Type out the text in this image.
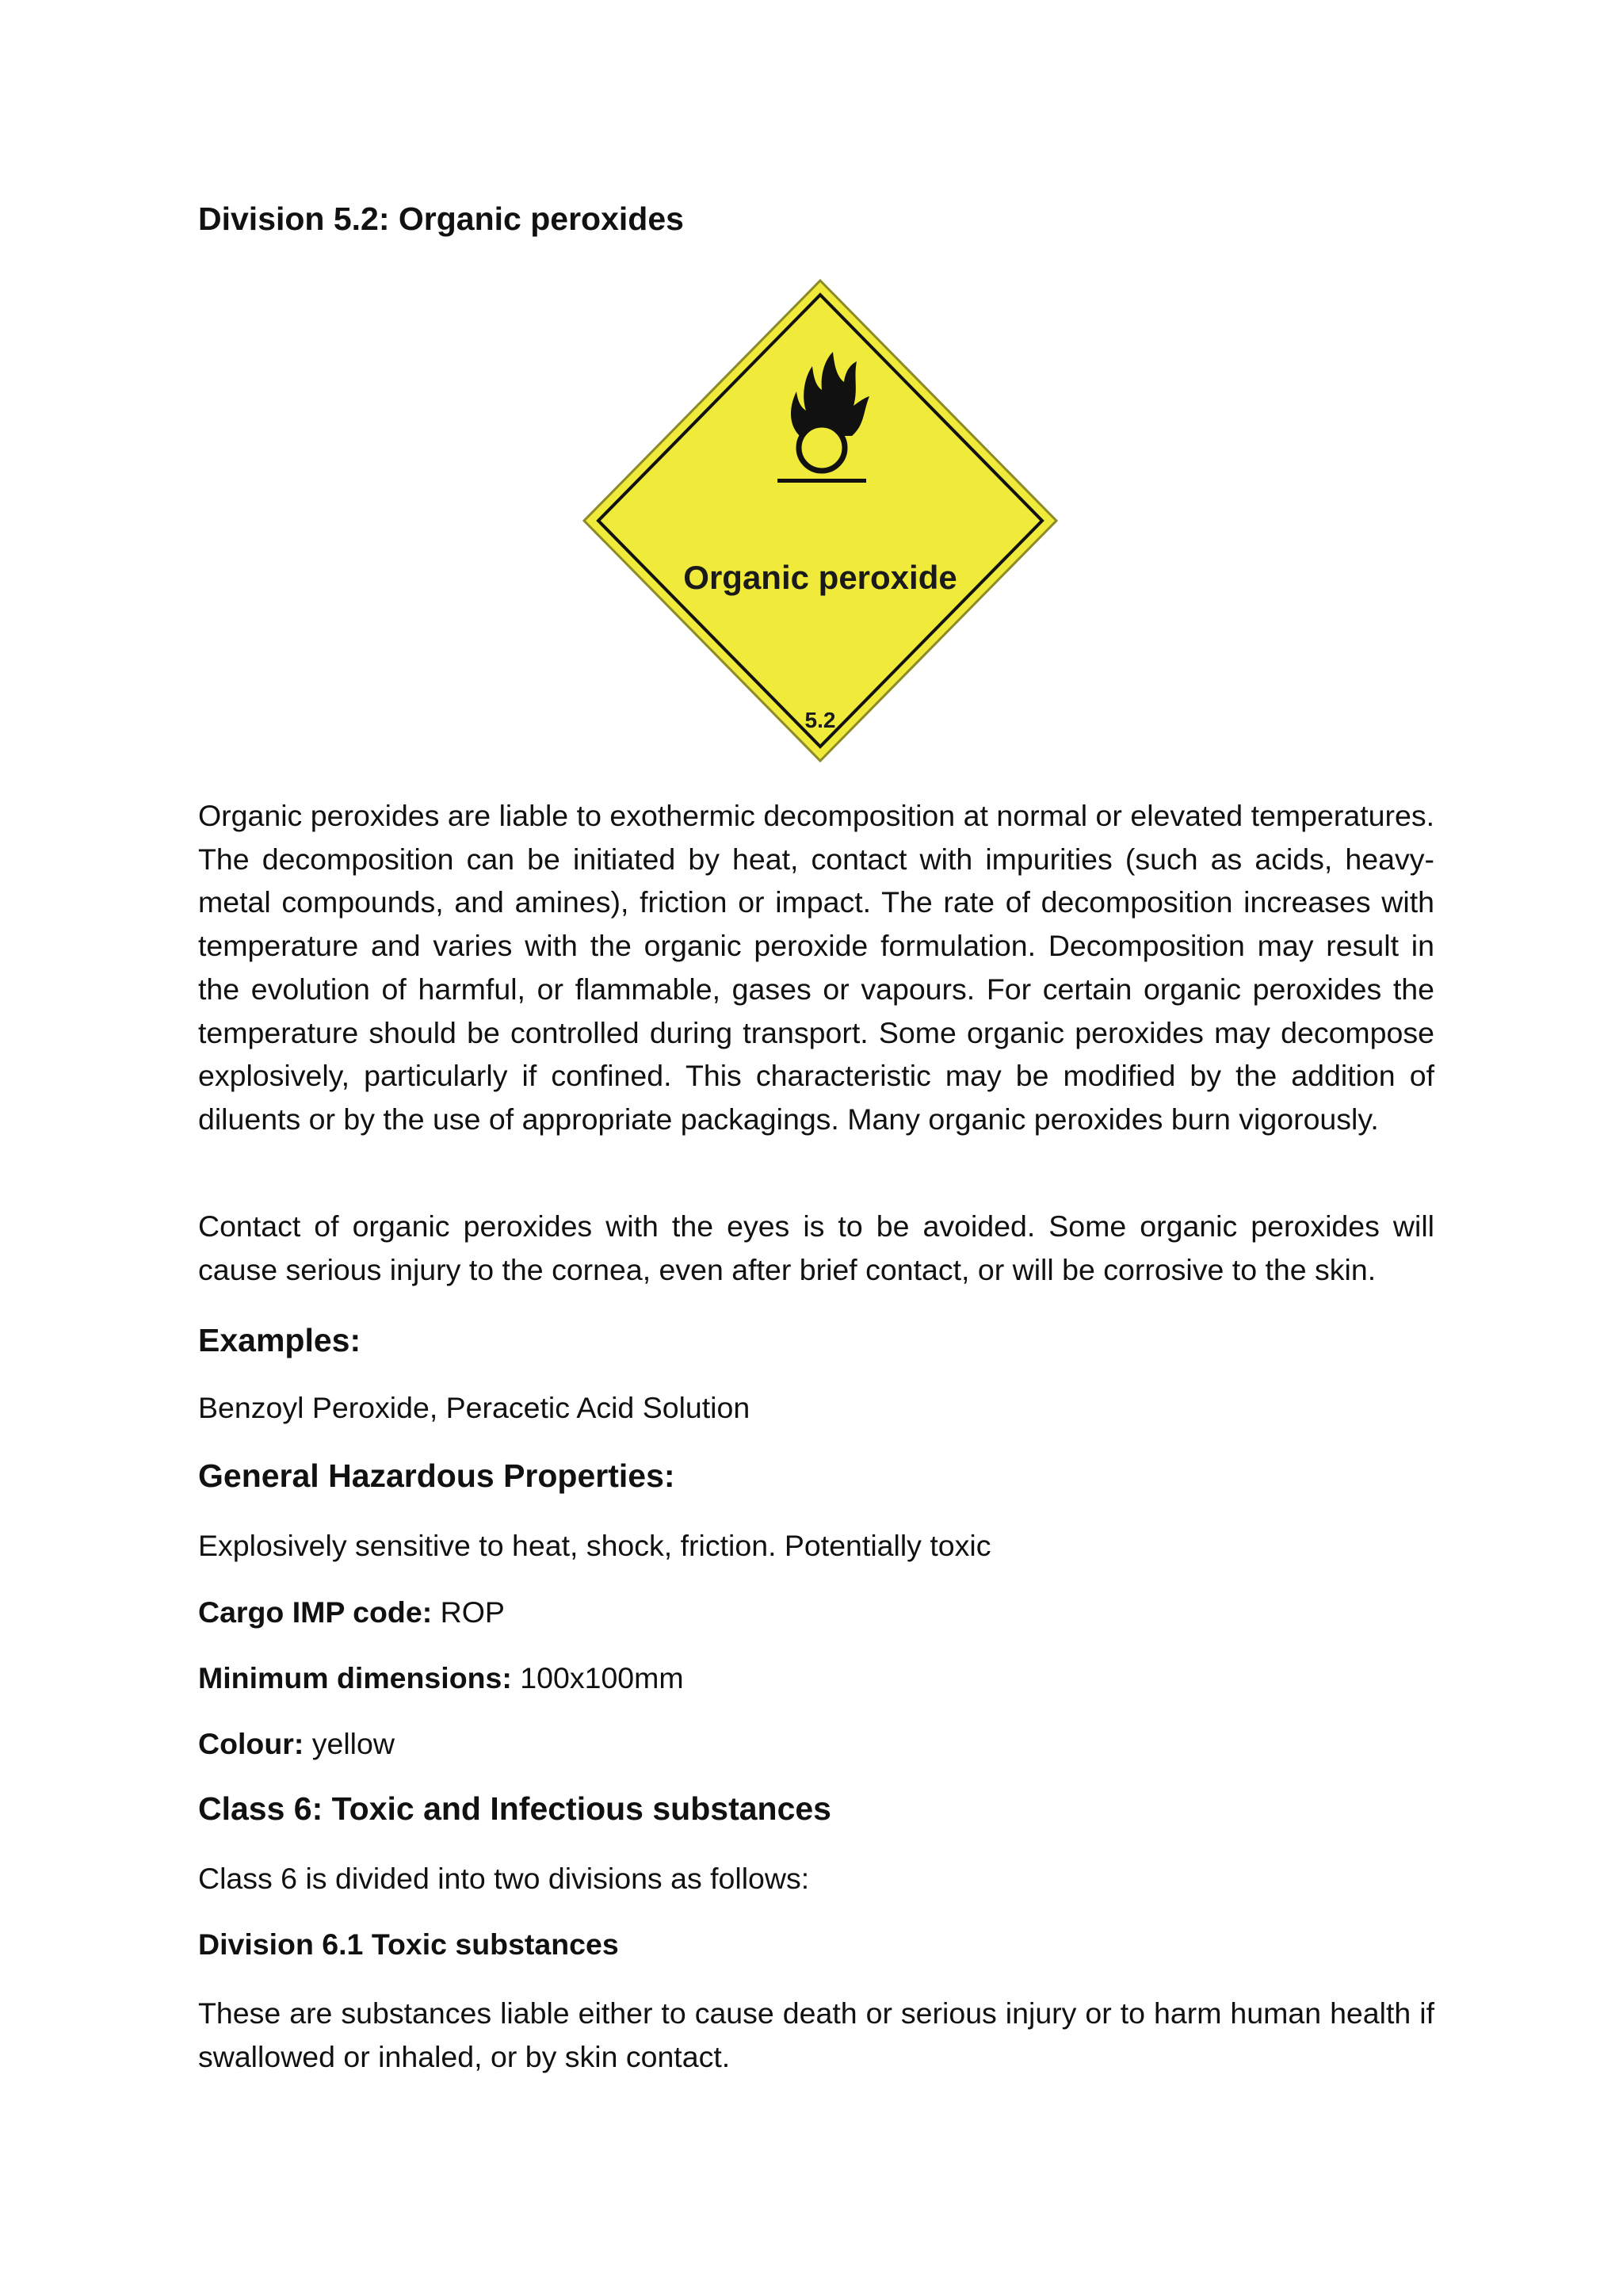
Division 5.2: Organic peroxides
Organic peroxide
5.2

Organic peroxides are liable to exothermic decomposition at normal or elevated temperatures. The decomposition can be initiated by heat, contact with impurities (such as acids, heavy-metal compounds, and amines), friction or impact. The rate of decomposition increases with temperature and varies with the organic peroxide formulation. Decomposition may result in the evolution of harmful, or flammable, gases or vapours. For certain organic peroxides the temperature should be controlled during transport. Some organic peroxides may decompose explosively, particularly if confined. This characteristic may be modified by the addition of diluents or by the use of appropriate packagings. Many organic peroxides burn vigorously.

Contact of organic peroxides with the eyes is to be avoided. Some organic peroxides will cause serious injury to the cornea, even after brief contact, or will be corrosive to the skin.

Examples:

Benzoyl Peroxide, Peracetic Acid Solution

General Hazardous Properties:

Explosively sensitive to heat, shock, friction. Potentially toxic

Cargo IMP code: ROP

Minimum dimensions: 100x100mm

Colour: yellow

Class 6: Toxic and Infectious substances

Class 6 is divided into two divisions as follows:

Division 6.1 Toxic substances

These are substances liable either to cause death or serious injury or to harm human health if swallowed or inhaled, or by skin contact.
